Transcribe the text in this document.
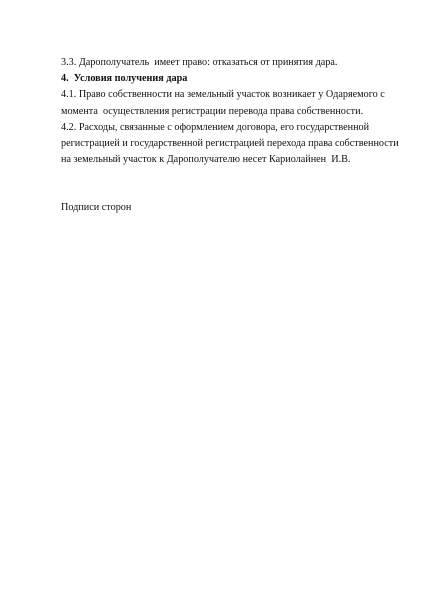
3.3. Дарополучатель  имеет право: отказаться от принятия дара.
4.  Условия получения дара
4.1. Право собственности на земельный участок возникает у Одаряемого с
момента  осуществления регистрации перевода права собственности.
4.2. Расходы, связанные с оформлением договора, его государственной
регистрацией и государственной регистрацией перехода права собственности
на земельный участок к Дарополучателю несет Кариолайнен  И.В.
Подписи сторон
